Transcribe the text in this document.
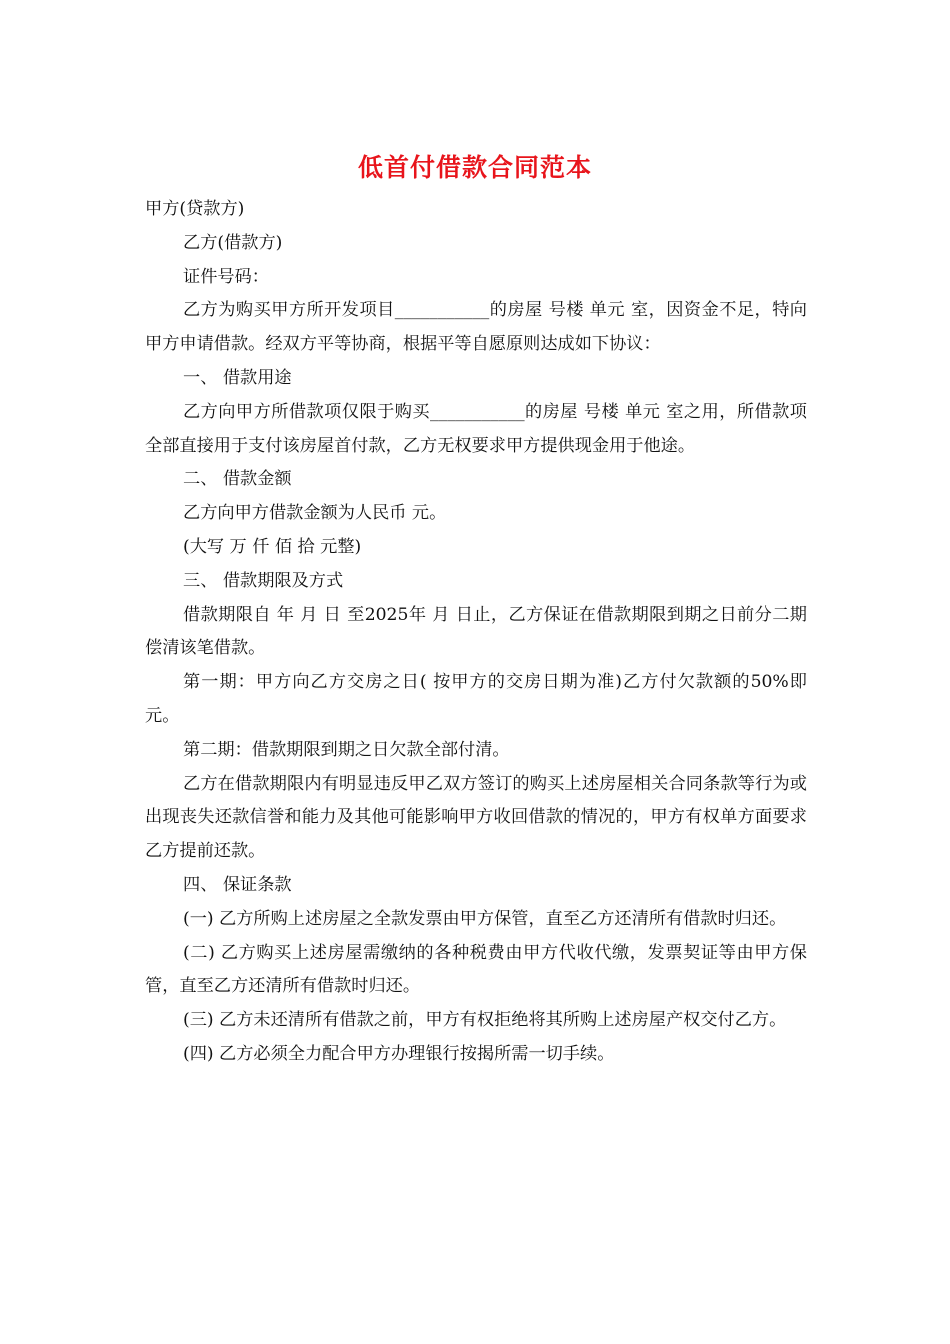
低首付借款合同范本

甲方(贷款方)

乙方(借款方)

证件号码：

乙方为购买甲方所开发项目___________的房屋 号楼 单元 室，因资金不足，特向甲方申请借款。经双方平等协商，根据平等自愿原则达成如下协议：

一、 借款用途

乙方向甲方所借款项仅限于购买___________的房屋 号楼 单元 室之用，所借款项全部直接用于支付该房屋首付款，乙方无权要求甲方提供现金用于他途。

二、 借款金额

乙方向甲方借款金额为人民币 元。

(大写 万 仟 佰 拾 元整)

三、 借款期限及方式

借款期限自 年 月 日 至2025年 月 日止，乙方保证在借款期限到期之日前分二期偿清该笔借款。

第一期：甲方向乙方交房之日( 按甲方的交房日期为准)乙方付欠款额的50%即 元。

第二期：借款期限到期之日欠款全部付清。

乙方在借款期限内有明显违反甲乙双方签订的购买上述房屋相关合同条款等行为或出现丧失还款信誉和能力及其他可能影响甲方收回借款的情况的，甲方有权单方面要求乙方提前还款。

四、 保证条款

(一) 乙方所购上述房屋之全款发票由甲方保管，直至乙方还清所有借款时归还。

(二) 乙方购买上述房屋需缴纳的各种税费由甲方代收代缴，发票契证等由甲方保管，直至乙方还清所有借款时归还。

(三) 乙方未还清所有借款之前，甲方有权拒绝将其所购上述房屋产权交付乙方。

(四) 乙方必须全力配合甲方办理银行按揭所需一切手续。
